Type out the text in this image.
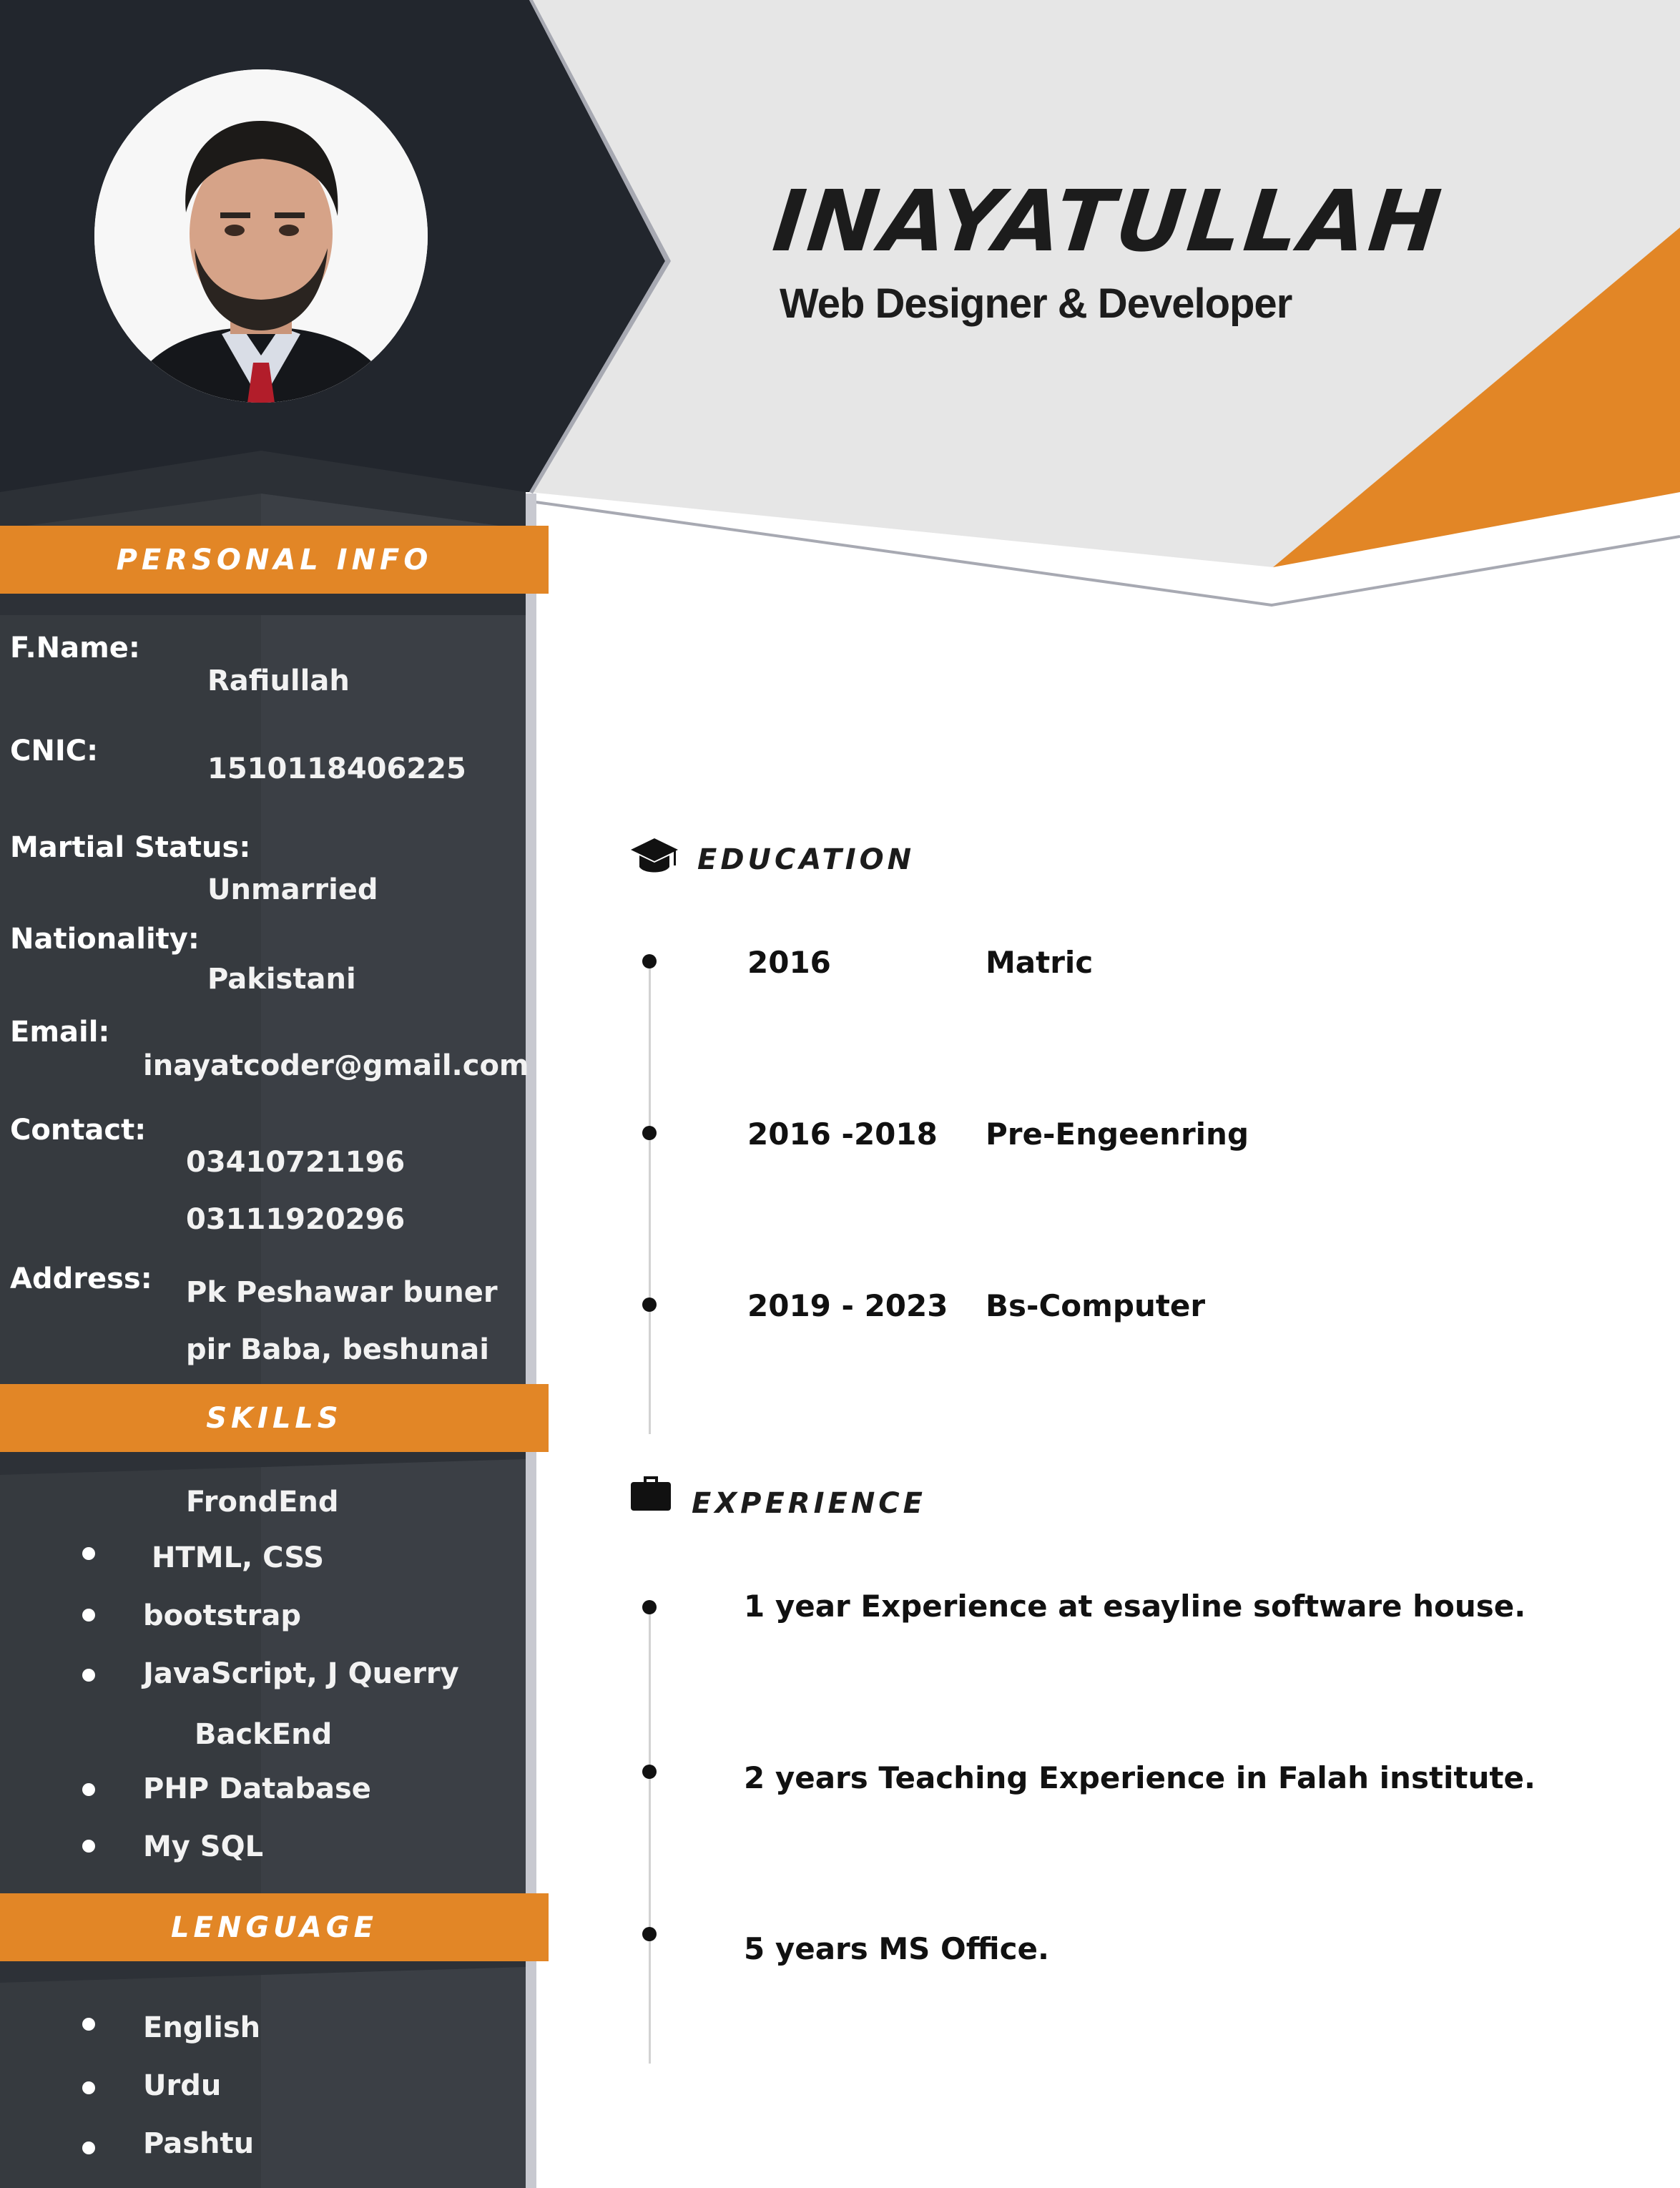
INAYATULLAH
Web Designer & Developer
PERSONAL INFO
F.Name:
Rafiullah
CNIC:
1510118406225
Martial Status:
Unmarried
Nationality:
Pakistani
Email:
inayatcoder@gmail.com
Contact:
03410721196
03111920296
Address: Pk Peshawar buner
pir Baba, beshunai
SKILLS
FrondEnd
HTML, CSS
bootstrap
JavaScript, J Querry
BackEnd
PHP Database
My SQL
LENGUAGE
English
Urdu
Pashtu
EDUCATION
2016	Matric
2016 -2018 Pre-Engeenring
2019 - 2023 Bs-Computer
EXPERIENCE
1 year Experience at esayline software house.
2 years Teaching Experience in Falah institute.
5 years MS Office.
